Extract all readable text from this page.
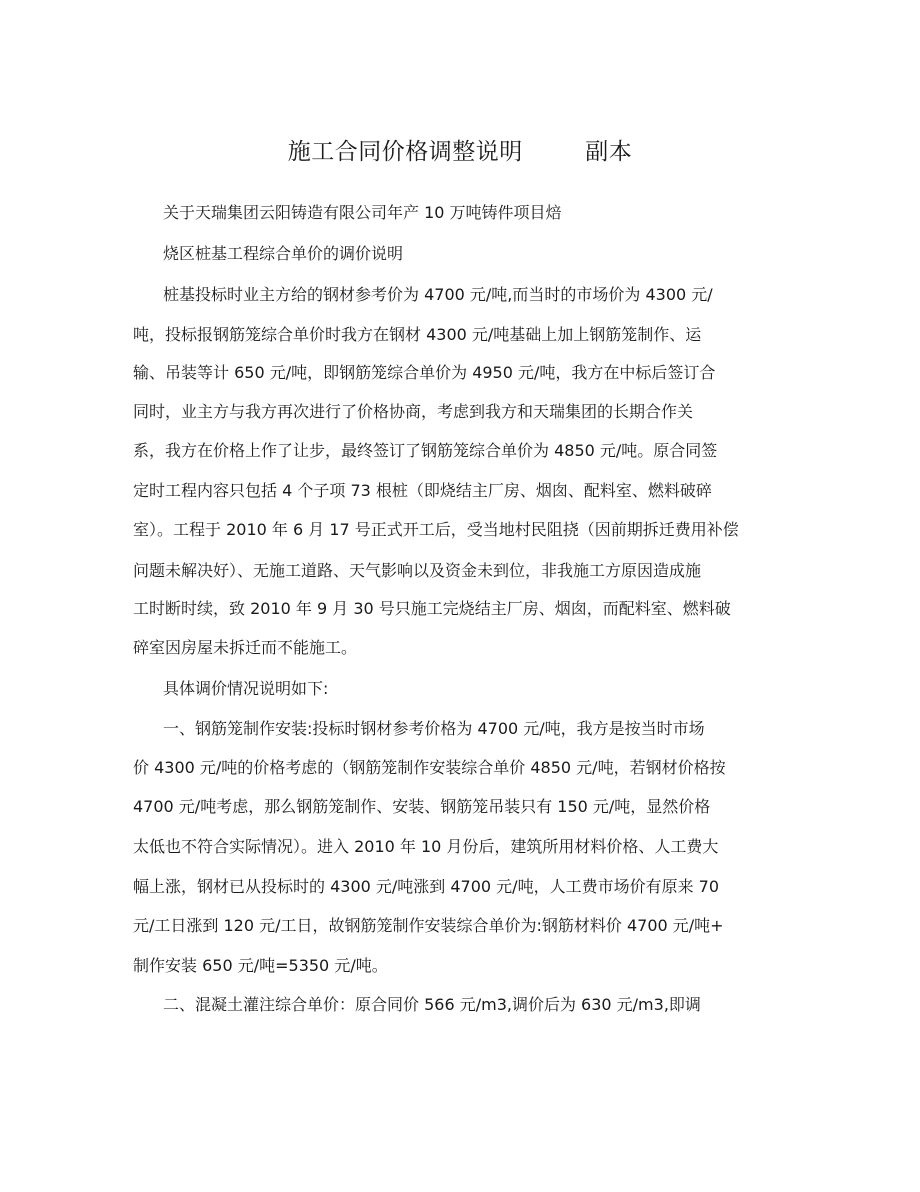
施工合同价格调整说明        副本
关于天瑞集团云阳铸造有限公司年产 10 万吨铸件项目焙
烧区桩基工程综合单价的调价说明
桩基投标时业主方给的钢材参考价为 4700 元/吨,而当时的市场价为 4300 元/
吨，投标报钢筋笼综合单价时我方在钢材 4300 元/吨基础上加上钢筋笼制作、运
输、吊装等计 650 元/吨，即钢筋笼综合单价为 4950 元/吨，我方在中标后签订合
同时，业主方与我方再次进行了价格协商，考虑到我方和天瑞集团的长期合作关
系，我方在价格上作了让步，最终签订了钢筋笼综合单价为 4850 元/吨。原合同签
定时工程内容只包括 4 个子项 73 根桩（即烧结主厂房、烟囱、配料室、燃料破碎
室）。工程于 2010 年 6 月 17 号正式开工后，受当地村民阻挠（因前期拆迁费用补偿
问题未解决好）、无施工道路、天气影响以及资金未到位，非我施工方原因造成施
工时断时续，致 2010 年 9 月 30 号只施工完烧结主厂房、烟囱，而配料室、燃料破
碎室因房屋未拆迁而不能施工。
具体调价情况说明如下:
一、钢筋笼制作安装:投标时钢材参考价格为 4700 元/吨，我方是按当时市场
价 4300 元/吨的价格考虑的（钢筋笼制作安装综合单价 4850 元/吨，若钢材价格按
4700 元/吨考虑，那么钢筋笼制作、安装、钢筋笼吊装只有 150 元/吨，显然价格
太低也不符合实际情况）。进入 2010 年 10 月份后，建筑所用材料价格、人工费大
幅上涨，钢材已从投标时的 4300 元/吨涨到 4700 元/吨，人工费市场价有原来 70
元/工日涨到 120 元/工日，故钢筋笼制作安装综合单价为:钢筋材料价 4700 元/吨+
制作安装 650 元/吨=5350 元/吨。
二、混凝土灌注综合单价：原合同价 566 元/m3,调价后为 630 元/m3,即调
